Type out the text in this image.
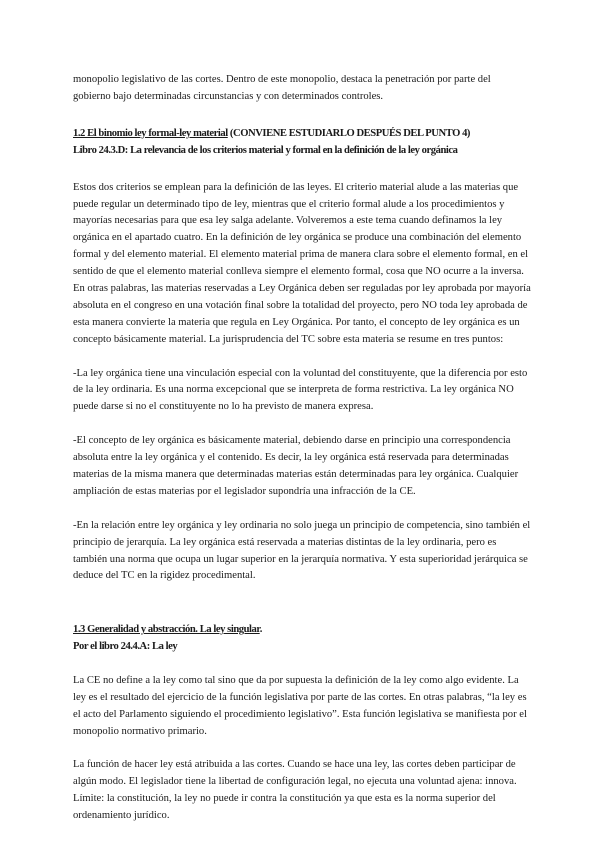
monopolio legislativo de las cortes. Dentro de este monopolio, destaca la penetración por parte del gobierno bajo determinadas circunstancias y con determinados controles.

1.2 El binomio ley formal-ley material (CONVIENE ESTUDIARLO DESPUÉS DEL PUNTO 4)

Libro 24.3.D: La relevancia de los criterios material y formal en la definición de la ley orgánica

Estos dos criterios se emplean para la definición de las leyes. El criterio material alude a las materias que puede regular un determinado tipo de ley, mientras que el criterio formal alude a los procedimientos y mayorías necesarias para que esa ley salga adelante. Volveremos a este tema cuando definamos la ley orgánica en el apartado cuatro. En la definición de ley orgánica se produce una combinación del elemento formal y del elemento material. El elemento material prima de manera clara sobre el elemento formal, en el sentido de que el elemento material conlleva siempre el elemento formal, cosa que NO ocurre a la inversa. En otras palabras, las materias reservadas a Ley Orgánica deben ser reguladas por ley aprobada por mayoría absoluta en el congreso en una votación final sobre la totalidad del proyecto, pero NO toda ley aprobada de esta manera convierte la materia que regula en Ley Orgánica. Por tanto, el concepto de ley orgánica es un concepto básicamente material. La jurisprudencia del TC sobre esta materia se resume en tres puntos:

-La ley orgánica tiene una vinculación especial con la voluntad del constituyente, que la diferencia por esto de la ley ordinaria. Es una norma excepcional que se interpreta de forma restrictiva. La ley orgánica NO puede darse si no el constituyente no lo ha previsto de manera expresa.

-El concepto de ley orgánica es básicamente material, debiendo darse en principio una correspondencia absoluta entre la ley orgánica y el contenido. Es decir, la ley orgánica está reservada para determinadas materias de la misma manera que determinadas materias están determinadas para ley orgánica. Cualquier ampliación de estas materias por el legislador supondría una infracción de la CE.

-En la relación entre ley orgánica y ley ordinaria no solo juega un principio de competencia, sino también el principio de jerarquía. La ley orgánica está reservada a materias distintas de la ley ordinaria, pero es también una norma que ocupa un lugar superior en la jerarquía normativa. Y esta superioridad jerárquica se deduce del TC en la rigidez procedimental.

1.3 Generalidad y abstracción. La ley singular.

Por el libro 24.4.A: La ley

La CE no define a la ley como tal sino que da por supuesta la definición de la ley como algo evidente. La ley es el resultado del ejercicio de la función legislativa por parte de las cortes. En otras palabras, “la ley es el acto del Parlamento siguiendo el procedimiento legislativo”. Esta función legislativa se manifiesta por el monopolio normativo primario.

La función de hacer ley está atribuida a las cortes. Cuando se hace una ley, las cortes deben participar de algún modo. El legislador tiene la libertad de configuración legal, no ejecuta una voluntad ajena: innova. Límite: la constitución, la ley no puede ir contra la constitución ya que esta es la norma superior del ordenamiento jurídico.
